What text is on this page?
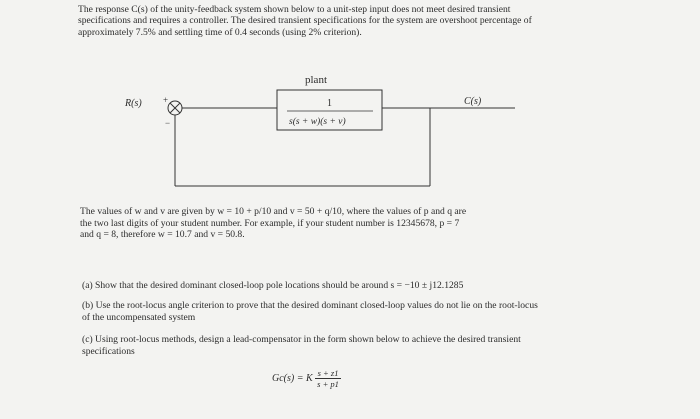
The response C(s) of the unity-feedback system shown below to a unit-step input does not meet desired transient specifications and requires a controller. The desired transient specifications for the system are overshoot percentage of approximately 7.5% and settling time of 0.4 seconds (using 2% criterion).

plant
R(s) +
−
1
s(s + w)(s + v)
C(s)

The values of w and v are given by w = 10 + p/10 and v = 50 + q/10, where the values of p and q are

the two last digits of your student number. For example, if your student number is 12345678, p = 7

and q = 8, therefore w = 10.7 and v = 50.8.

(a) Show that the desired dominant closed-loop pole locations should be around s = −10 ± j12.1285

(b) Use the root-locus angle criterion to prove that the desired dominant closed-loop values do not lie on the root-locus of the uncompensated system

(c) Using root-locus methods, design a lead-compensator in the form shown below to achieve the desired transient specifications

Gc(s) = K $\frac{s + z1}{s + p1}$
